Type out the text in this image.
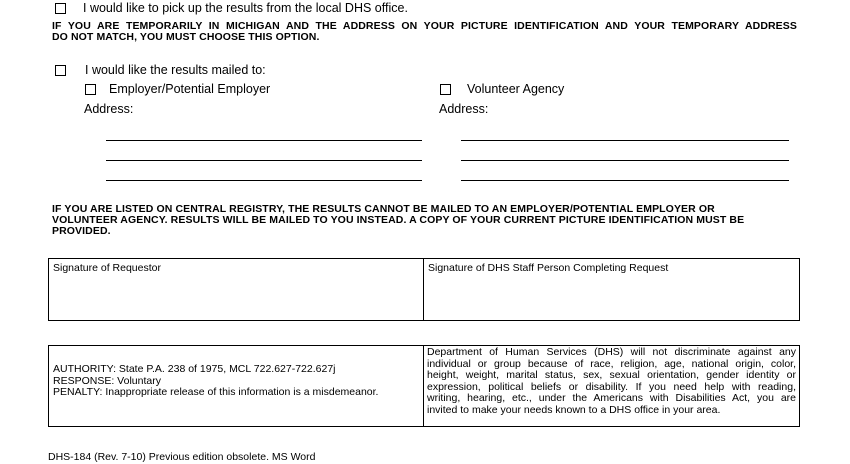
I would like to pick up the results from the local DHS office.
IF YOU ARE TEMPORARILY IN MICHIGAN AND THE ADDRESS ON YOUR PICTURE IDENTIFICATION AND YOUR TEMPORARY ADDRESS
DO NOT MATCH, YOU MUST CHOOSE THIS OPTION.
I would like the results mailed to:
Employer/Potential Employer	Volunteer Agency
Address:	Address:
IF YOU ARE LISTED ON CENTRAL REGISTRY, THE RESULTS CANNOT BE MAILED TO AN EMPLOYER/POTENTIAL EMPLOYER OR
VOLUNTEER AGENCY. RESULTS WILL BE MAILED TO YOU INSTEAD. A COPY OF YOUR CURRENT PICTURE IDENTIFICATION MUST BE
PROVIDED.
Signature of Requestor	Signature of DHS Staff Person Completing Request
AUTHORITY: State P.A. 238 of 1975, MCL 722.627-722.627j
RESPONSE: Voluntary
PENALTY: Inappropriate release of this information is a misdemeanor.
Department of Human Services (DHS) will not discriminate against any
individual or group because of race, religion, age, national origin, color,
height, weight, marital status, sex, sexual orientation, gender identity or
expression, political beliefs or disability. If you need help with reading,
writing, hearing, etc., under the Americans with Disabilities Act, you are
invited to make your needs known to a DHS office in your area.
DHS-184 (Rev. 7-10) Previous edition obsolete. MS Word
